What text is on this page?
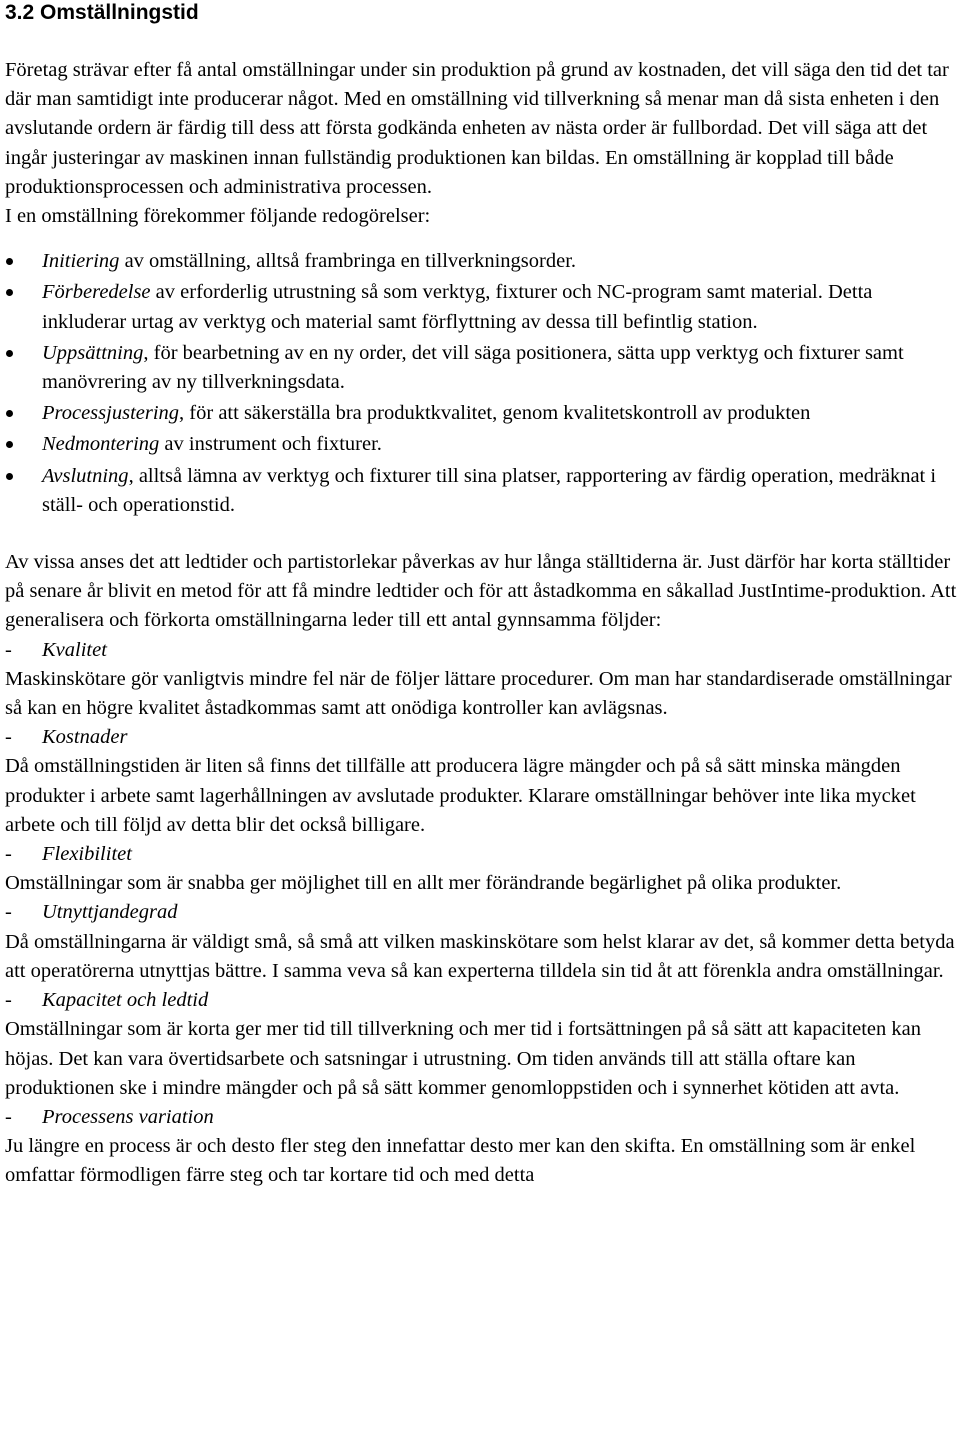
3.2 Omställningstid

Företag strävar efter få antal omställningar under sin produktion på grund av kostnaden, det vill säga den tid det tar där man samtidigt inte producerar något. Med en omställning vid tillverkning så menar man då sista enheten i den avslutande ordern är färdig till dess att första godkända enheten av nästa order är fullbordad. Det vill säga att det ingår justeringar av maskinen innan fullständig produktionen kan bildas. En omställning är kopplad till både produktionsprocessen och administrativa processen.

I en omställning förekommer följande redogörelser:

Initiering av omställning, alltså frambringa en tillverkningsorder.
Förberedelse av erforderlig utrustning så som verktyg, fixturer och NC-program samt material. Detta inkluderar urtag av verktyg och material samt förflyttning av dessa till befintlig station.
Uppsättning, för bearbetning av en ny order, det vill säga positionera, sätta upp verktyg och fixturer samt manövrering av ny tillverkningsdata.
Processjustering, för att säkerställa bra produktkvalitet, genom kvalitetskontroll av produkten
Nedmontering av instrument och fixturer.
Avslutning, alltså lämna av verktyg och fixturer till sina platser, rapportering av färdig operation, medräknat i ställ- och operationstid.

Av vissa anses det att ledtider och partistorlekar påverkas av hur långa ställtiderna är. Just därför har korta ställtider på senare år blivit en metod för att få mindre ledtider och för att åstadkomma en såkallad JustIntime-produktion. Att generalisera och förkorta omställningarna leder till ett antal gynnsamma följder:

- Kvalitet

Maskinskötare gör vanligtvis mindre fel när de följer lättare procedurer. Om man har standardiserade omställningar så kan en högre kvalitet åstadkommas samt att onödiga kontroller kan avlägsnas.

- Kostnader

Då omställningstiden är liten så finns det tillfälle att producera lägre mängder och på så sätt minska mängden produkter i arbete samt lagerhållningen av avslutade produkter. Klarare omställningar behöver inte lika mycket arbete och till följd av detta blir det också billigare.

- Flexibilitet

Omställningar som är snabba ger möjlighet till en allt mer förändrande begärlighet på olika produkter.

- Utnyttjandegrad

Då omställningarna är väldigt små, så små att vilken maskinskötare som helst klarar av det, så kommer detta betyda att operatörerna utnyttjas bättre. I samma veva så kan experterna tilldela sin tid åt att förenkla andra omställningar.

- Kapacitet och ledtid

Omställningar som är korta ger mer tid till tillverkning och mer tid i fortsättningen på så sätt att kapaciteten kan höjas. Det kan vara övertidsarbete och satsningar i utrustning. Om tiden används till att ställa oftare kan produktionen ske i mindre mängder och på så sätt kommer genomloppstiden och i synnerhet kötiden att avta.

- Processens variation

Ju längre en process är och desto fler steg den innefattar desto mer kan den skifta. En omställning som är enkel omfattar förmodligen färre steg och tar kortare tid och med detta
